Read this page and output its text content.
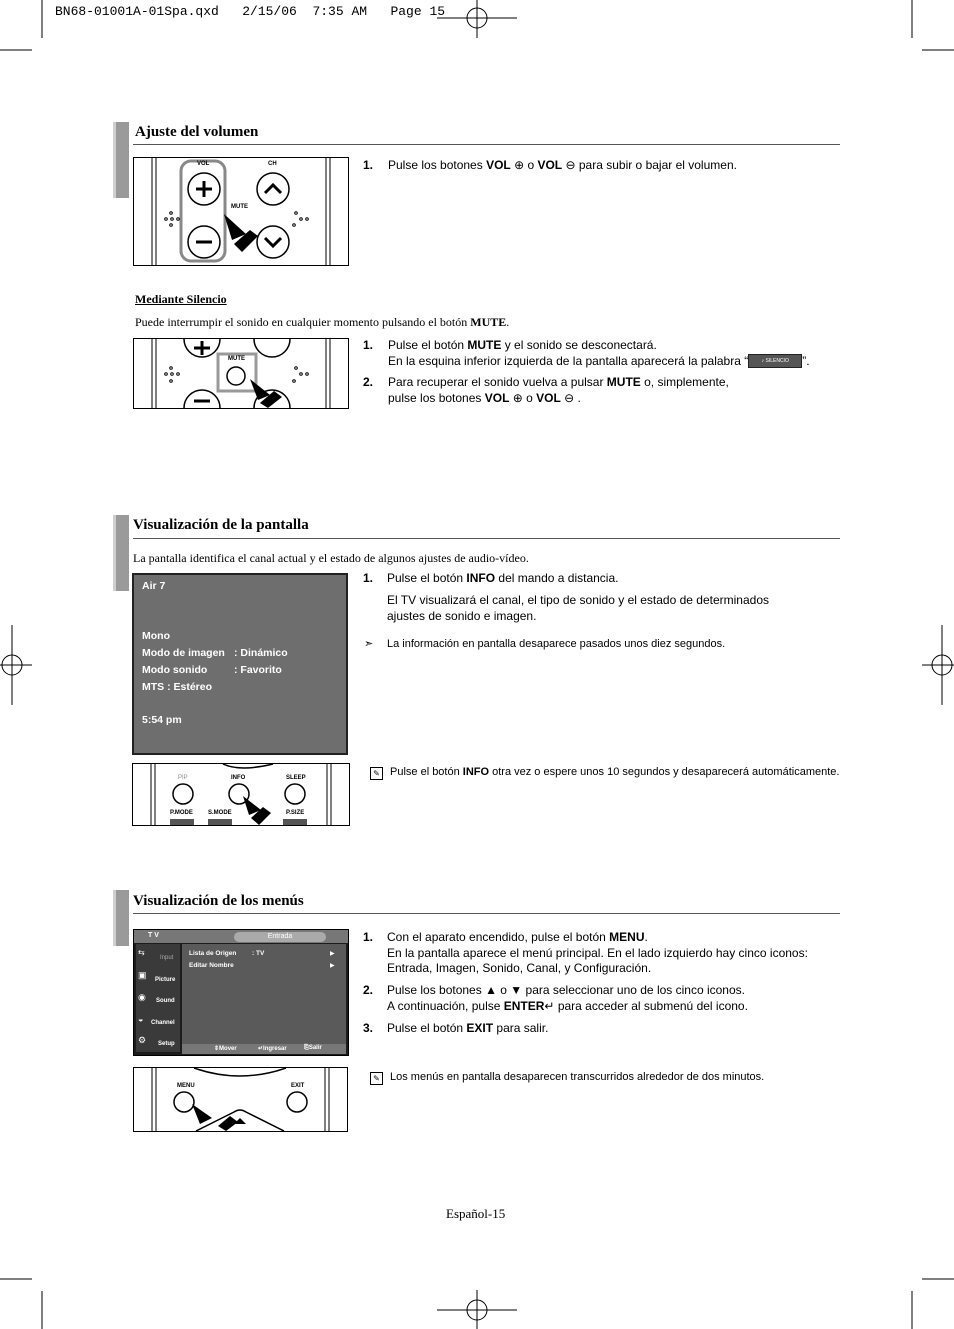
BN68-01001A-01Spa.qxd   2/15/06  7:35 AM   Page 15
Ajuste del volumen
VOL	CH
MUTE
1. Pulse los botones VOL ⊕ o VOL ⊖ para subir o bajar el volumen.
Mediante Silencio
Puede interrumpir el sonido en cualquier momento pulsando el botón MUTE.
MUTE
1. Pulse el botón MUTE y el sonido se desconectará.
En la esquina inferior izquierda de la pantalla aparecerá la palabra “	♪ SILENCIO ”.
2. Para recuperar el sonido vuelva a pulsar MUTE o, simplemente,
pulse los botones VOL ⊕ o VOL ⊖ .
Visualización de la pantalla
La pantalla identifica el canal actual y el estado de algunos ajustes de audio-vídeo.
Air 7
Mono
Modo de imagen : Dinámico
Modo sonido	: Favorito
MTS : Estéreo
5:54 pm
1. Pulse el botón INFO del mando a distancia.
El TV visualizará el canal, el tipo de sonido y el estado de determinados
ajustes de sonido e imagen.
➣ La información en pantalla desaparece pasados unos diez segundos.
PIP	INFO	SLEEP
P.MODE	S.MODE	P.SIZE
✎ Pulse el botón INFO otra vez o espere unos 10 segundos y desaparecerá automáticamente.
Visualización de los menús
T V	Entrada
⇆
Input
▣ Picture
◉ Sound
◒ Channel
⚙ Setup
Lista de Origen : TV	▶
Editar Nombre	▶
⇕Mover	↵Ingresar	⎘Salir
1. Con el aparato encendido, pulse el botón MENU.
En la pantalla aparece el menú principal. En el lado izquierdo hay cinco iconos:
Entrada, Imagen, Sonido, Canal, y Configuración.
2. Pulse los botones ▲ o ▼ para seleccionar uno de los cinco iconos.
A continuación, pulse ENTER↵ para acceder al submenú del icono.
3. Pulse el botón EXIT para salir.
MENU	EXIT
✎ Los menús en pantalla desaparecen transcurridos alrededor de dos minutos.
Español-15
